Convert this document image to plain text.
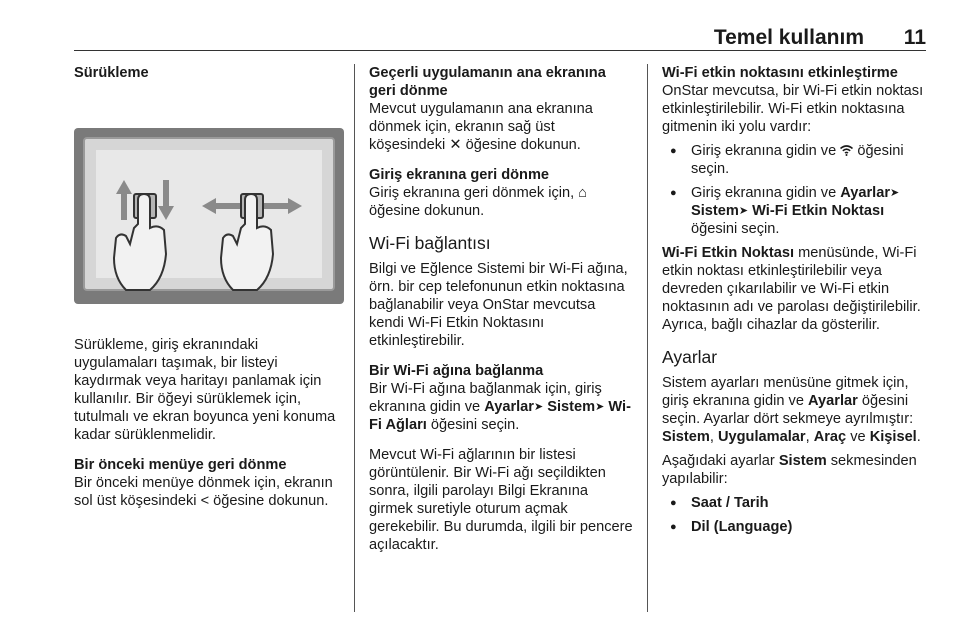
Temel kullanım 11
Sürükleme
Sürükleme, giriş ekranındaki uygulamaları taşımak, bir listeyi kaydırmak veya haritayı panlamak için kullanılır. Bir öğeyi sürüklemek için, tutulmalı ve ekran boyunca yeni konuma kadar sürüklenmelidir.
Bir önceki menüye geri dönme
Bir önceki menüye dönmek için, ekranın sol üst köşesindeki < öğesine dokunun.
Geçerli uygulamanın ana ekranına geri dönme
Mevcut uygulamanın ana ekranına dönmek için, ekranın sağ üst köşesindeki ✕ öğesine dokunun.
Giriş ekranına geri dönme
Giriş ekranına geri dönmek için, ⌂ öğesine dokunun.
Wi-Fi bağlantısı
Bilgi ve Eğlence Sistemi bir Wi-Fi ağına, örn. bir cep telefonunun etkin noktasına bağlanabilir veya OnStar mevcutsa kendi Wi-Fi Etkin Noktasını etkinleştirebilir.
Bir Wi-Fi ağına bağlanma
Bir Wi-Fi ağına bağlanmak için, giriş ekranına gidin ve Ayarlar➤ Sistem➤ Wi-Fi Ağları öğesini seçin.
Mevcut Wi-Fi ağlarının bir listesi görüntülenir. Bir Wi-Fi ağı seçildikten sonra, ilgili parolayı Bilgi Ekranına girmek suretiyle oturum açmak gerekebilir. Bu durumda, ilgili bir pencere açılacaktır.
Wi-Fi etkin noktasını etkinleştirme
OnStar mevcutsa, bir Wi-Fi etkin noktası etkinleştirilebilir. Wi-Fi etkin noktasına gitmenin iki yolu vardır:
● Giriş ekranına gidin ve öğesini seçin.
● Giriş ekranına gidin ve Ayarlar➤ Sistem➤ Wi-Fi Etkin Noktası öğesini seçin.
Wi-Fi Etkin Noktası menüsünde, Wi-Fi etkin noktası etkinleştirilebilir veya devreden çıkarılabilir ve Wi-Fi etkin noktasının adı ve parolası değiştirilebilir. Ayrıca, bağlı cihazlar da gösterilir.
Ayarlar
Sistem ayarları menüsüne gitmek için, giriş ekranına gidin ve Ayarlar öğesini seçin. Ayarlar dört sekmeye ayrılmıştır: Sistem, Uygulamalar, Araç ve Kişisel.
Aşağıdaki ayarlar Sistem sekmesinden yapılabilir:
● Saat / Tarih
● Dil (Language)
